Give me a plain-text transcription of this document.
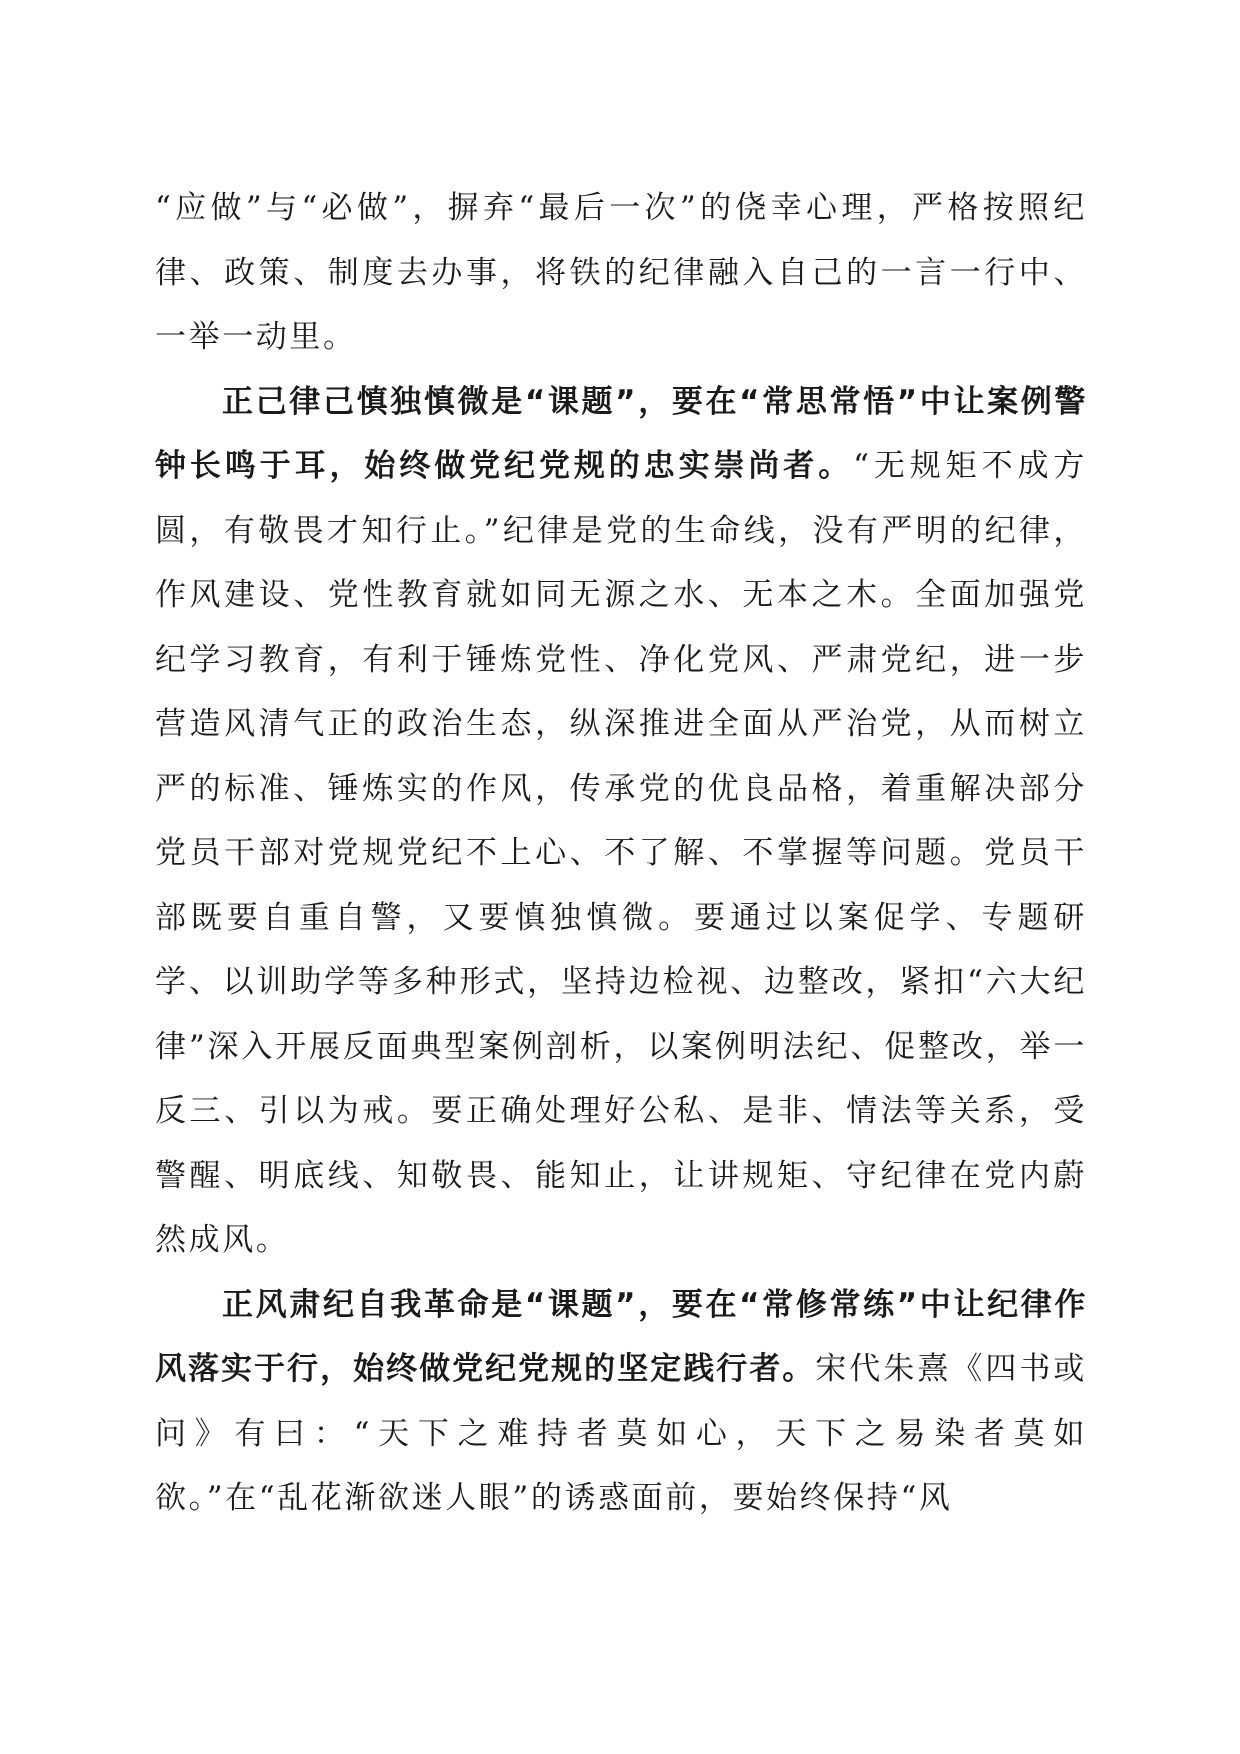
“应做”与“必做”，摒弃“最后一次”的侥幸心理，严格按照纪律、政策、制度去办事，将铁的纪律融入自己的一言一行中、一举一动里。

正己律己慎独慎微是“课题”，要在“常思常悟”中让案例警钟长鸣于耳，始终做党纪党规的忠实崇尚者。“无规矩不成方圆，有敬畏才知行止。”纪律是党的生命线，没有严明的纪律，作风建设、党性教育就如同无源之水、无本之木。全面加强党纪学习教育，有利于锤炼党性、净化党风、严肃党纪，进一步营造风清气正的政治生态，纵深推进全面从严治党，从而树立严的标准、锤炼实的作风，传承党的优良品格，着重解决部分党员干部对党规党纪不上心、不了解、不掌握等问题。党员干部既要自重自警，又要慎独慎微。要通过以案促学、专题研学、以训助学等多种形式，坚持边检视、边整改，紧扣“六大纪律”深入开展反面典型案例剖析，以案例明法纪、促整改，举一反三、引以为戒。要正确处理好公私、是非、情法等关系，受警醒、明底线、知敬畏、能知止，让讲规矩、守纪律在党内蔚然成风。

正风肃纪自我革命是“课题”，要在“常修常练”中让纪律作风落实于行，始终做党纪党规的坚定践行者。宋代朱熹《四书或问》有曰：“天下之难持者莫如心，天下之易染者莫如欲。”在“乱花渐欲迷人眼”的诱惑面前，要始终保持“风
